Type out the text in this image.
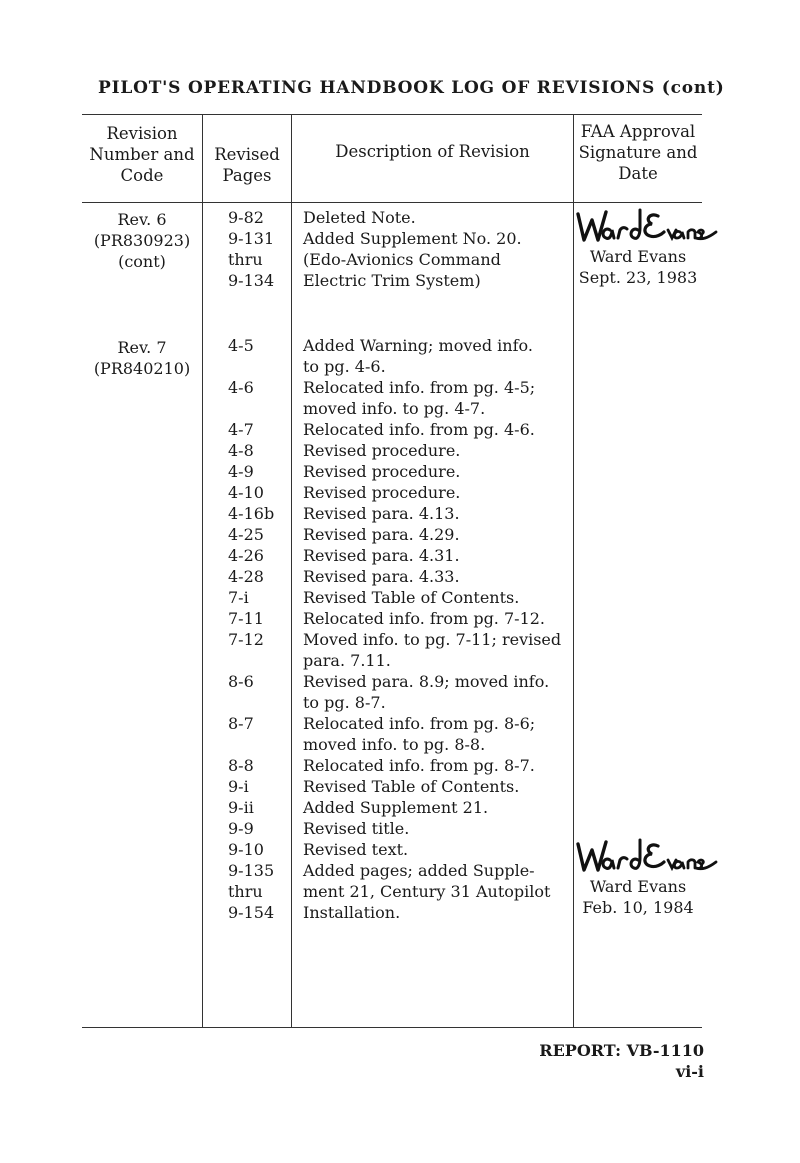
PILOT'S OPERATING HANDBOOK LOG OF REVISIONS (cont)
Revision
Number and
Code
Revised
Pages
Description of Revision
FAA Approval
Signature and
Date
Rev. 6
(PR830923)
(cont)
9-82
9-131
thru
9-134
Deleted Note.
Added Supplement No. 20.
(Edo-Avionics Command
Electric Trim System)
Ward Evans
Sept. 23, 1983
Rev. 7
(PR840210)
4-5
4-6
4-7
4-8
4-9
4-10
4-16b
4-25
4-26
4-28
7-i
7-11
7-12
8-6
8-7
8-8
9-i
9-ii
9-9
9-10
9-135
thru
9-154
Added Warning; moved info.
to pg. 4-6.
Relocated info. from pg. 4-5;
moved info. to pg. 4-7.
Relocated info. from pg. 4-6.
Revised procedure.
Revised procedure.
Revised procedure.
Revised para. 4.13.
Revised para. 4.29.
Revised para. 4.31.
Revised para. 4.33.
Revised Table of Contents.
Relocated info. from pg. 7-12.
Moved info. to pg. 7-11; revised
para. 7.11.
Revised para. 8.9; moved info.
to pg. 8-7.
Relocated info. from pg. 8-6;
moved info. to pg. 8-8.
Relocated info. from pg. 8-7.
Revised Table of Contents.
Added Supplement 21.
Revised title.
Revised text.
Added pages; added Supple-
ment 21, Century 31 Autopilot
Installation.
Ward Evans
Feb. 10, 1984
REPORT: VB-1110
vi-i
